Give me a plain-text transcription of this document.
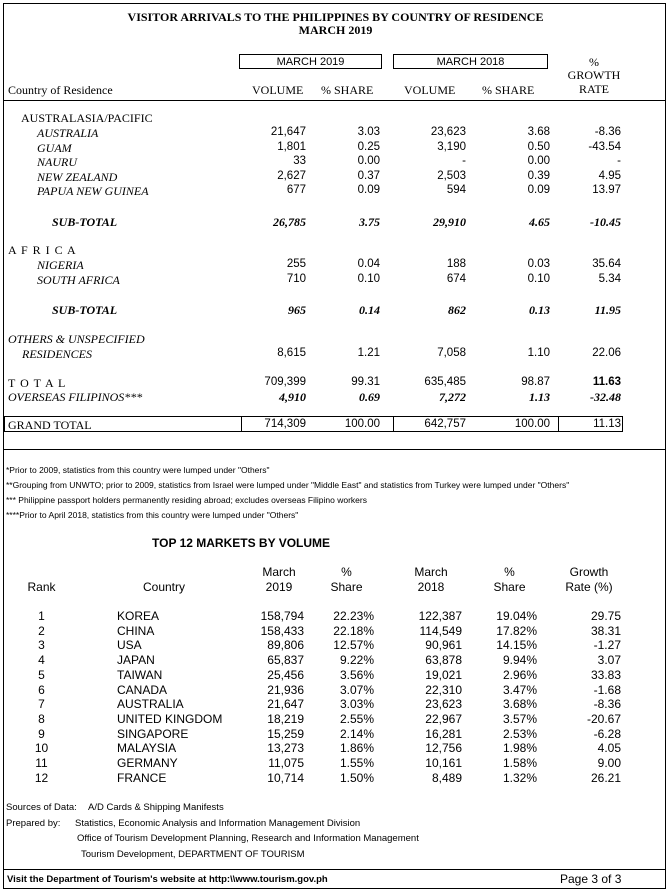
VISITOR ARRIVALS TO THE PHILIPPINES BY COUNTRY OF RESIDENCE
MARCH 2019
MARCH 2019	MARCH 2018	%
GROWTH
RATE
Country of Residence	VOLUME % SHARE	VOLUME % SHARE
AUSTRALASIA/PACIFIC
AUSTRALIA	21,647	3.03	23,623	3.68	-8.36
GUAM	1,801	0.25	3,190	0.50	-43.54
NAURU	33	0.00	-	0.00	-
NEW ZEALAND	2,627	0.37	2,503	0.39	4.95
PAPUA NEW GUINEA	677	0.09	594	0.09	13.97
SUB-TOTAL	26,785	3.75	29,910	4.65	-10.45
A F R I C A
NIGERIA	255	0.04	188	0.03	35.64
SOUTH AFRICA	710	0.10	674	0.10	5.34
SUB-TOTAL	965	0.14	862	0.13	11.95
OTHERS & UNSPECIFIED
RESIDENCES	8,615	1.21	7,058	1.10	22.06
T O T A L	709,399	99.31	635,485	98.87	11.63
OVERSEAS FILIPINOS***	4,910	0.69	7,272	1.13	-32.48
GRAND TOTAL	714,309	100.00	642,757	100.00	11.13
*Prior to 2009, statistics from this country were lumped under "Others"
**Grouping from UNWTO; prior to 2009, statistics from Israel were lumped under "Middle East" and statistics from Turkey were lumped under "Others"
*** Philippine passport holders permanently residing abroad; excludes overseas Filipino workers
****Prior to April 2018, statistics from this country were lumped under "Others"
TOP 12 MARKETS BY VOLUME
Rank	Country
March
2019
%
Share
March
2018
%
Share
Growth
Rate (%)
1	KOREA	158,794	22.23%	122,387	19.04%	29.75
2	CHINA	158,433	22.18%	114,549	17.82%	38.31
3	USA	89,806	12.57%	90,961	14.15%	-1.27
4	JAPAN	65,837	9.22%	63,878	9.94%	3.07
5	TAIWAN	25,456	3.56%	19,021	2.96%	33.83
6	CANADA	21,936	3.07%	22,310	3.47%	-1.68
7	AUSTRALIA	21,647	3.03%	23,623	3.68%	-8.36
8	UNITED KINGDOM	18,219	2.55%	22,967	3.57%	-20.67
9	SINGAPORE	15,259	2.14%	16,281	2.53%	-6.28
10	MALAYSIA	13,273	1.86%	12,756	1.98%	4.05
11	GERMANY	11,075	1.55%	10,161	1.58%	9.00
12	FRANCE	10,714	1.50%	8,489	1.32%	26.21
Sources of Data: A/D Cards & Shipping Manifests
Prepared by: Statistics, Economic Analysis and Information Management Division
Office of Tourism Development Planning, Research and Information Management
Tourism Development, DEPARTMENT OF TOURISM
Visit the Department of Tourism's website at http:\\www.tourism.gov.ph	Page 3 of 3
